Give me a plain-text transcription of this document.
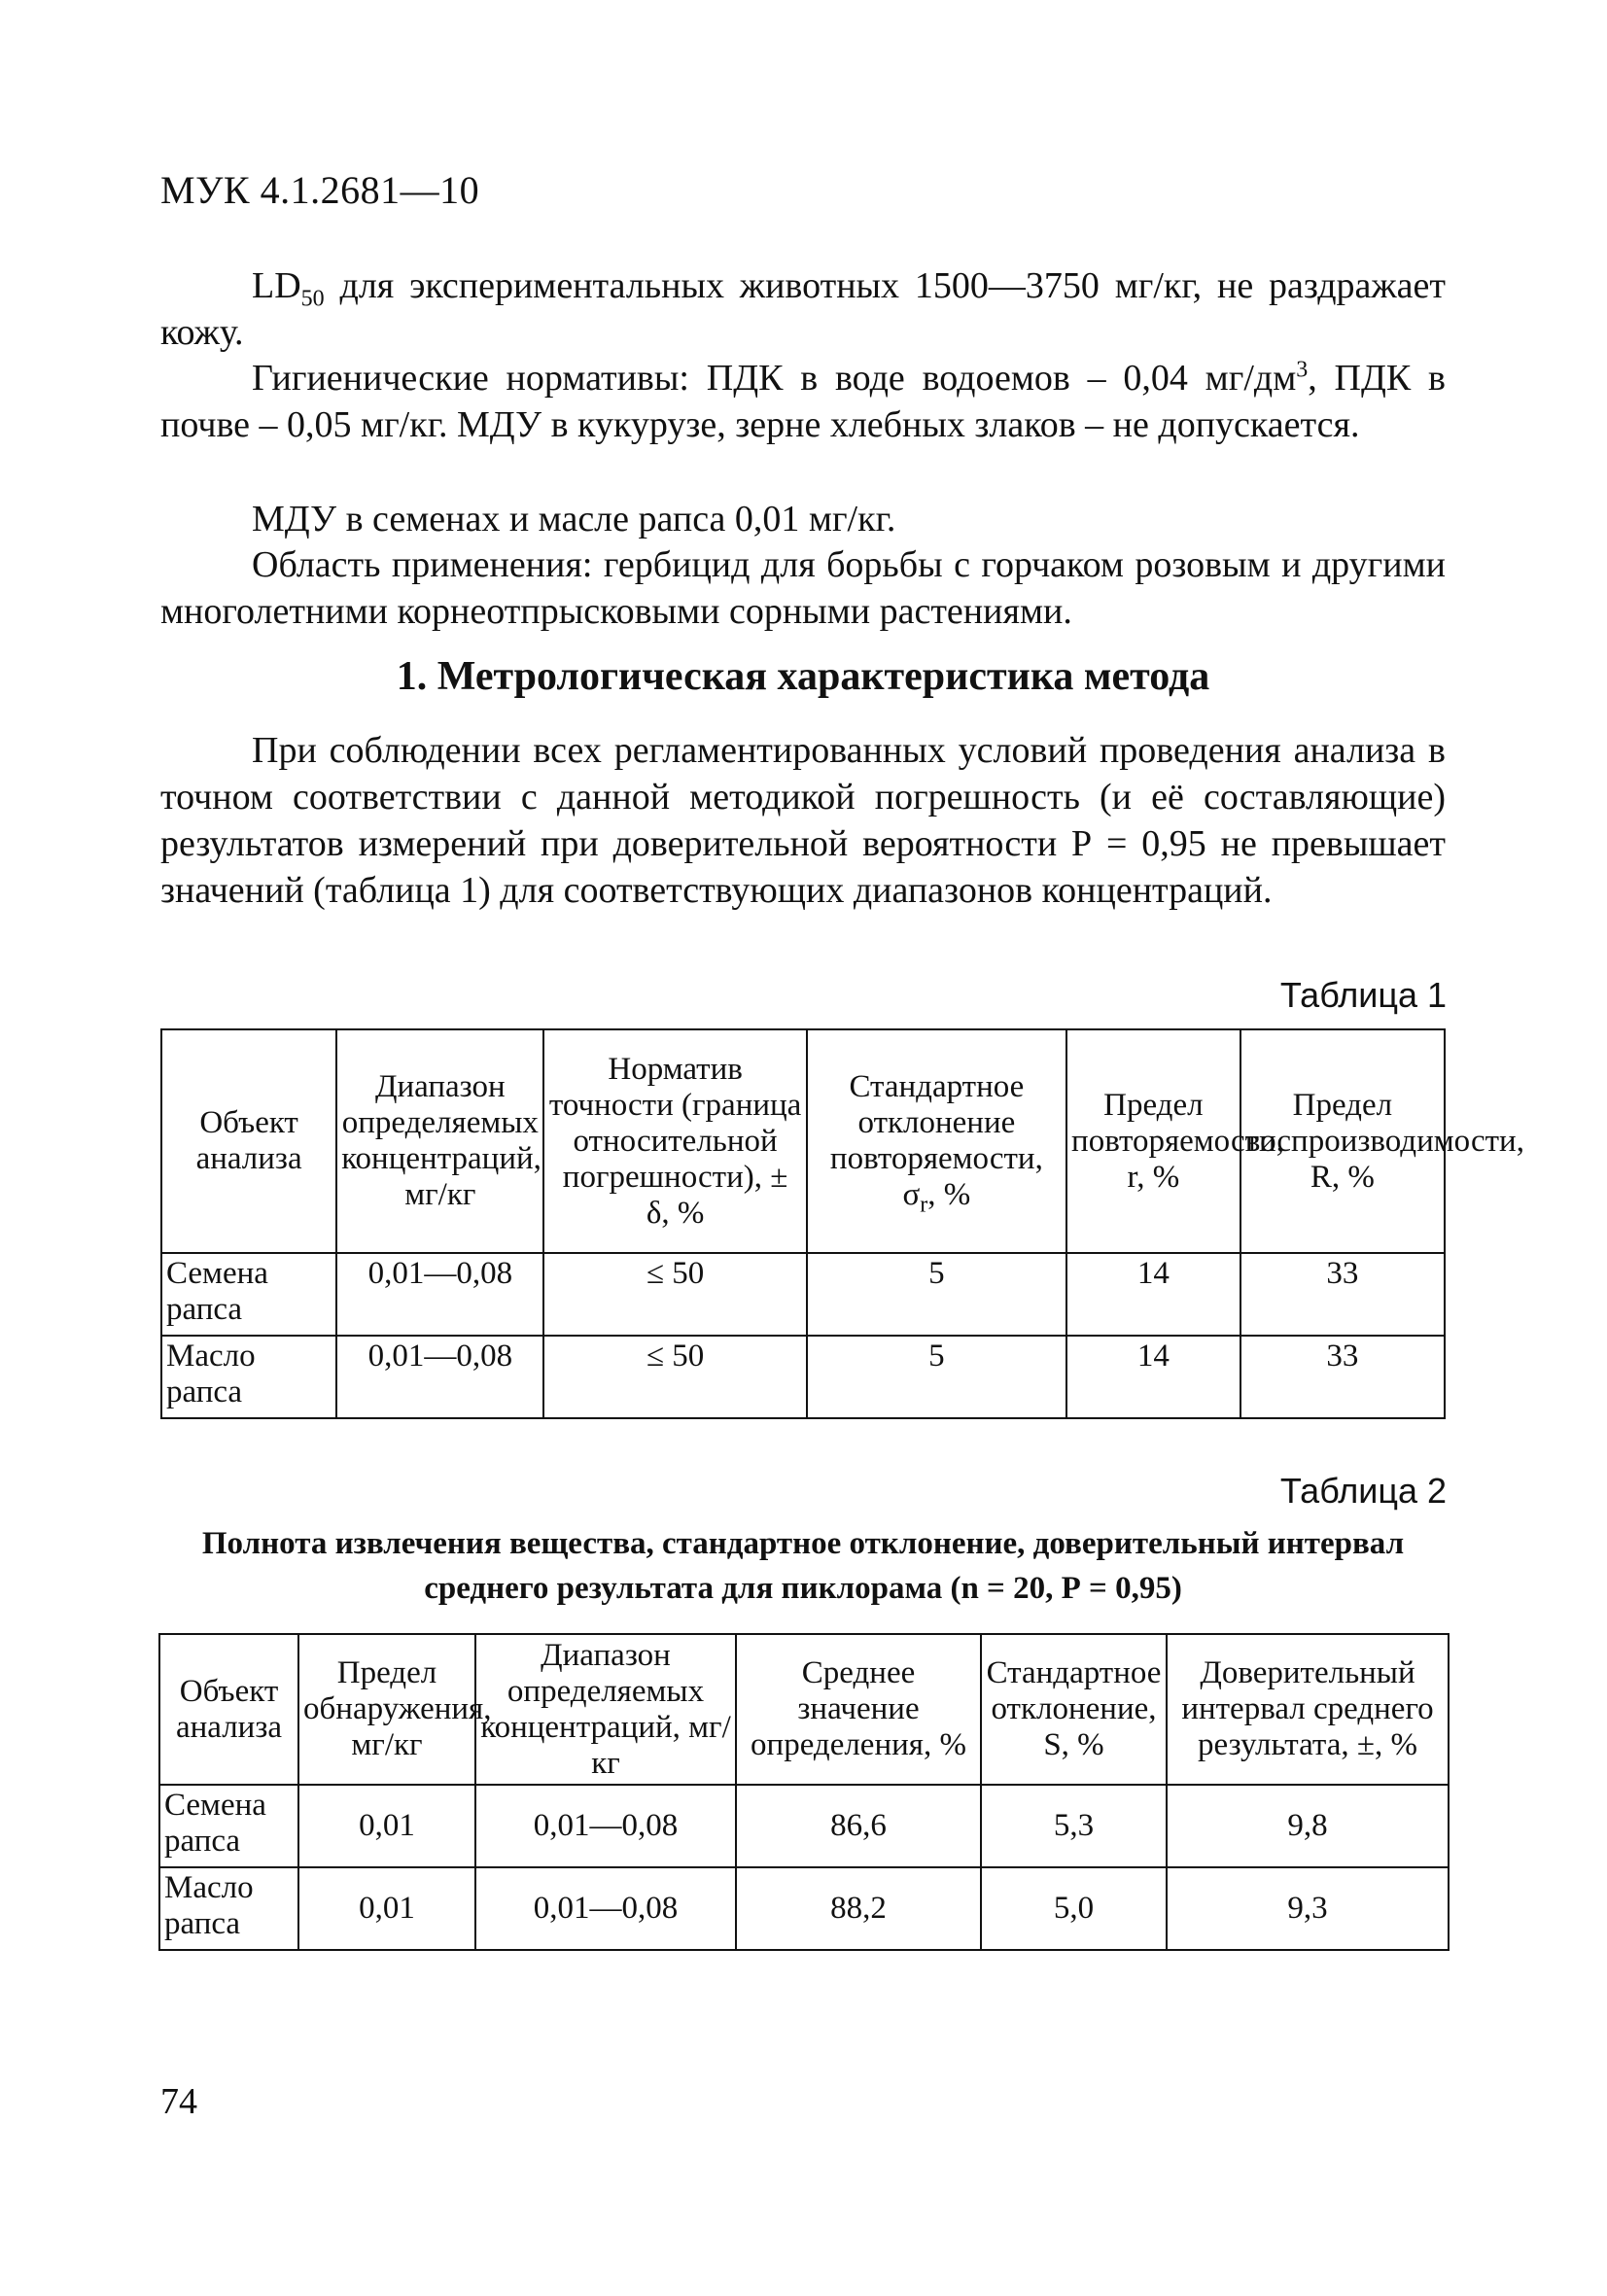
МУК 4.1.2681—10

$LD_{50}$ для экспериментальных животных 1500—3750 мг/кг, не раздражает кожу.

Гигиенические нормативы: ПДК в воде водоемов – 0,04 $мг/дм^3$, ПДК в почве – 0,05 мг/кг. МДУ в кукурузе, зерне хлебных злаков – не допускается.

МДУ в семенах и масле рапса 0,01 мг/кг.

Область применения: гербицид для борьбы с горчаком розовым и другими многолетними корнеотпрысковыми сорными растениями.

1. Метрологическая характеристика метода

При соблюдении всех регламентированных условий проведения анализа в точном соответствии с данной методикой погрешность (и её составляющие) результатов измерений при доверительной вероятности Р = 0,95 не превышает значений (таблица 1) для соответствующих диапазонов концентраций.

Таблица 1
Объект анализа	Диапазон определяемых концентраций, мг/кг	Норматив точности (граница относительной погрешности), ± δ, %	Стандартное отклонение повторяемости, $\sigma_r$, %	Предел повторяемости, r, %	Предел воспроизводимости, R, %
Семена рапса	0,01—0,08	≤ 50	5	14	33
Масло рапса	0,01—0,08	≤ 50	5	14	33
Таблица 2
Полнота извлечения вещества, стандартное отклонение, доверительный интервал среднего результата для пиклорама (n = 20, Р = 0,95)
Объект анализа	Предел обнаружения, мг/кг	Диапазон определяемых концентраций, мг/кг	Среднее значение определения, %	Стандартное отклонение, S, %	Доверительный интервал среднего результата, ±, %
Семена рапса	0,01	0,01—0,08	86,6	5,3	9,8
Масло рапса	0,01	0,01—0,08	88,2	5,0	9,3
74
